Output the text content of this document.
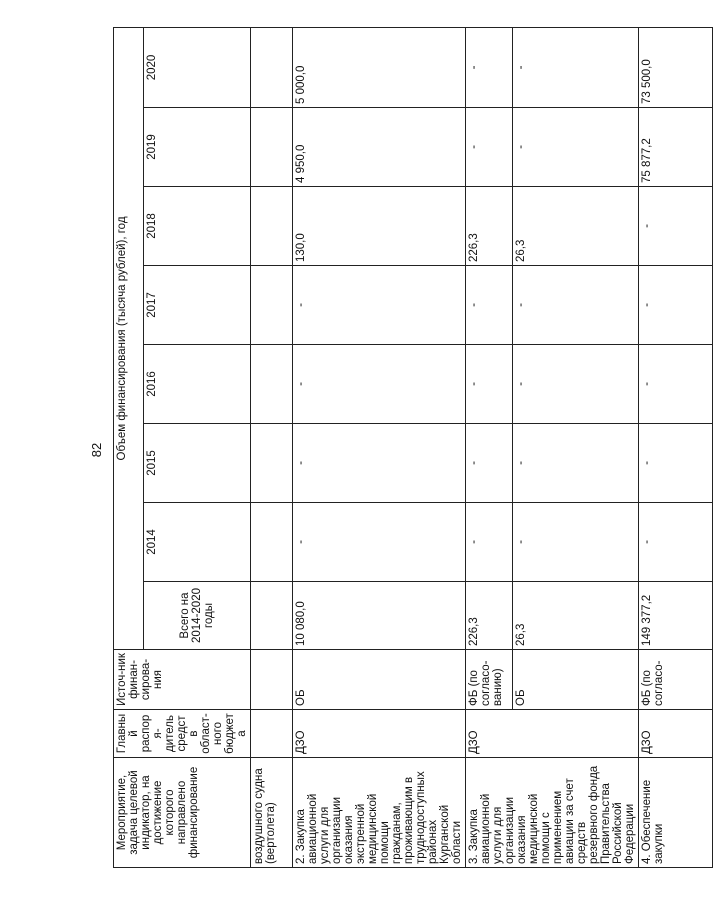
82
Мероприятие, задача целевой индикатор, на достижение которого направлено финансирование	Главный распоря-дитель средств област-ного бюджета	Источ-ник финан-сирова-ния	Объем финансирования (тысяча рублей), год							
			Всего на 2014-2020 годы	2014	2015	2016	2017	2018	2019	2020
воздушного судна (вертолета)										
2. Закупка авиационной услуги для организации оказания экстренной медицинской помощи гражданам, проживающим в труднодоступных районах Курганской области	ДЗО	ОБ	10 080,0	-	-	-	-	130,0	4 950,0	5 000,0
3. Закупка авиационной услуги для организации оказания медицинской помощи с применением авиации за счет средств резервного фонда Правительства Российской Федерации	ДЗО	ФБ (по согласо-ванию)	226,3	-	-	-	-	226,3	-	-
		ОБ	26,3	-	-	-	-	26,3	-	-
4. Обеспечение закупки	ДЗО	ФБ (по согласо-	149 377,2	-	-	-	-	-	75 877,2	73 500,0
